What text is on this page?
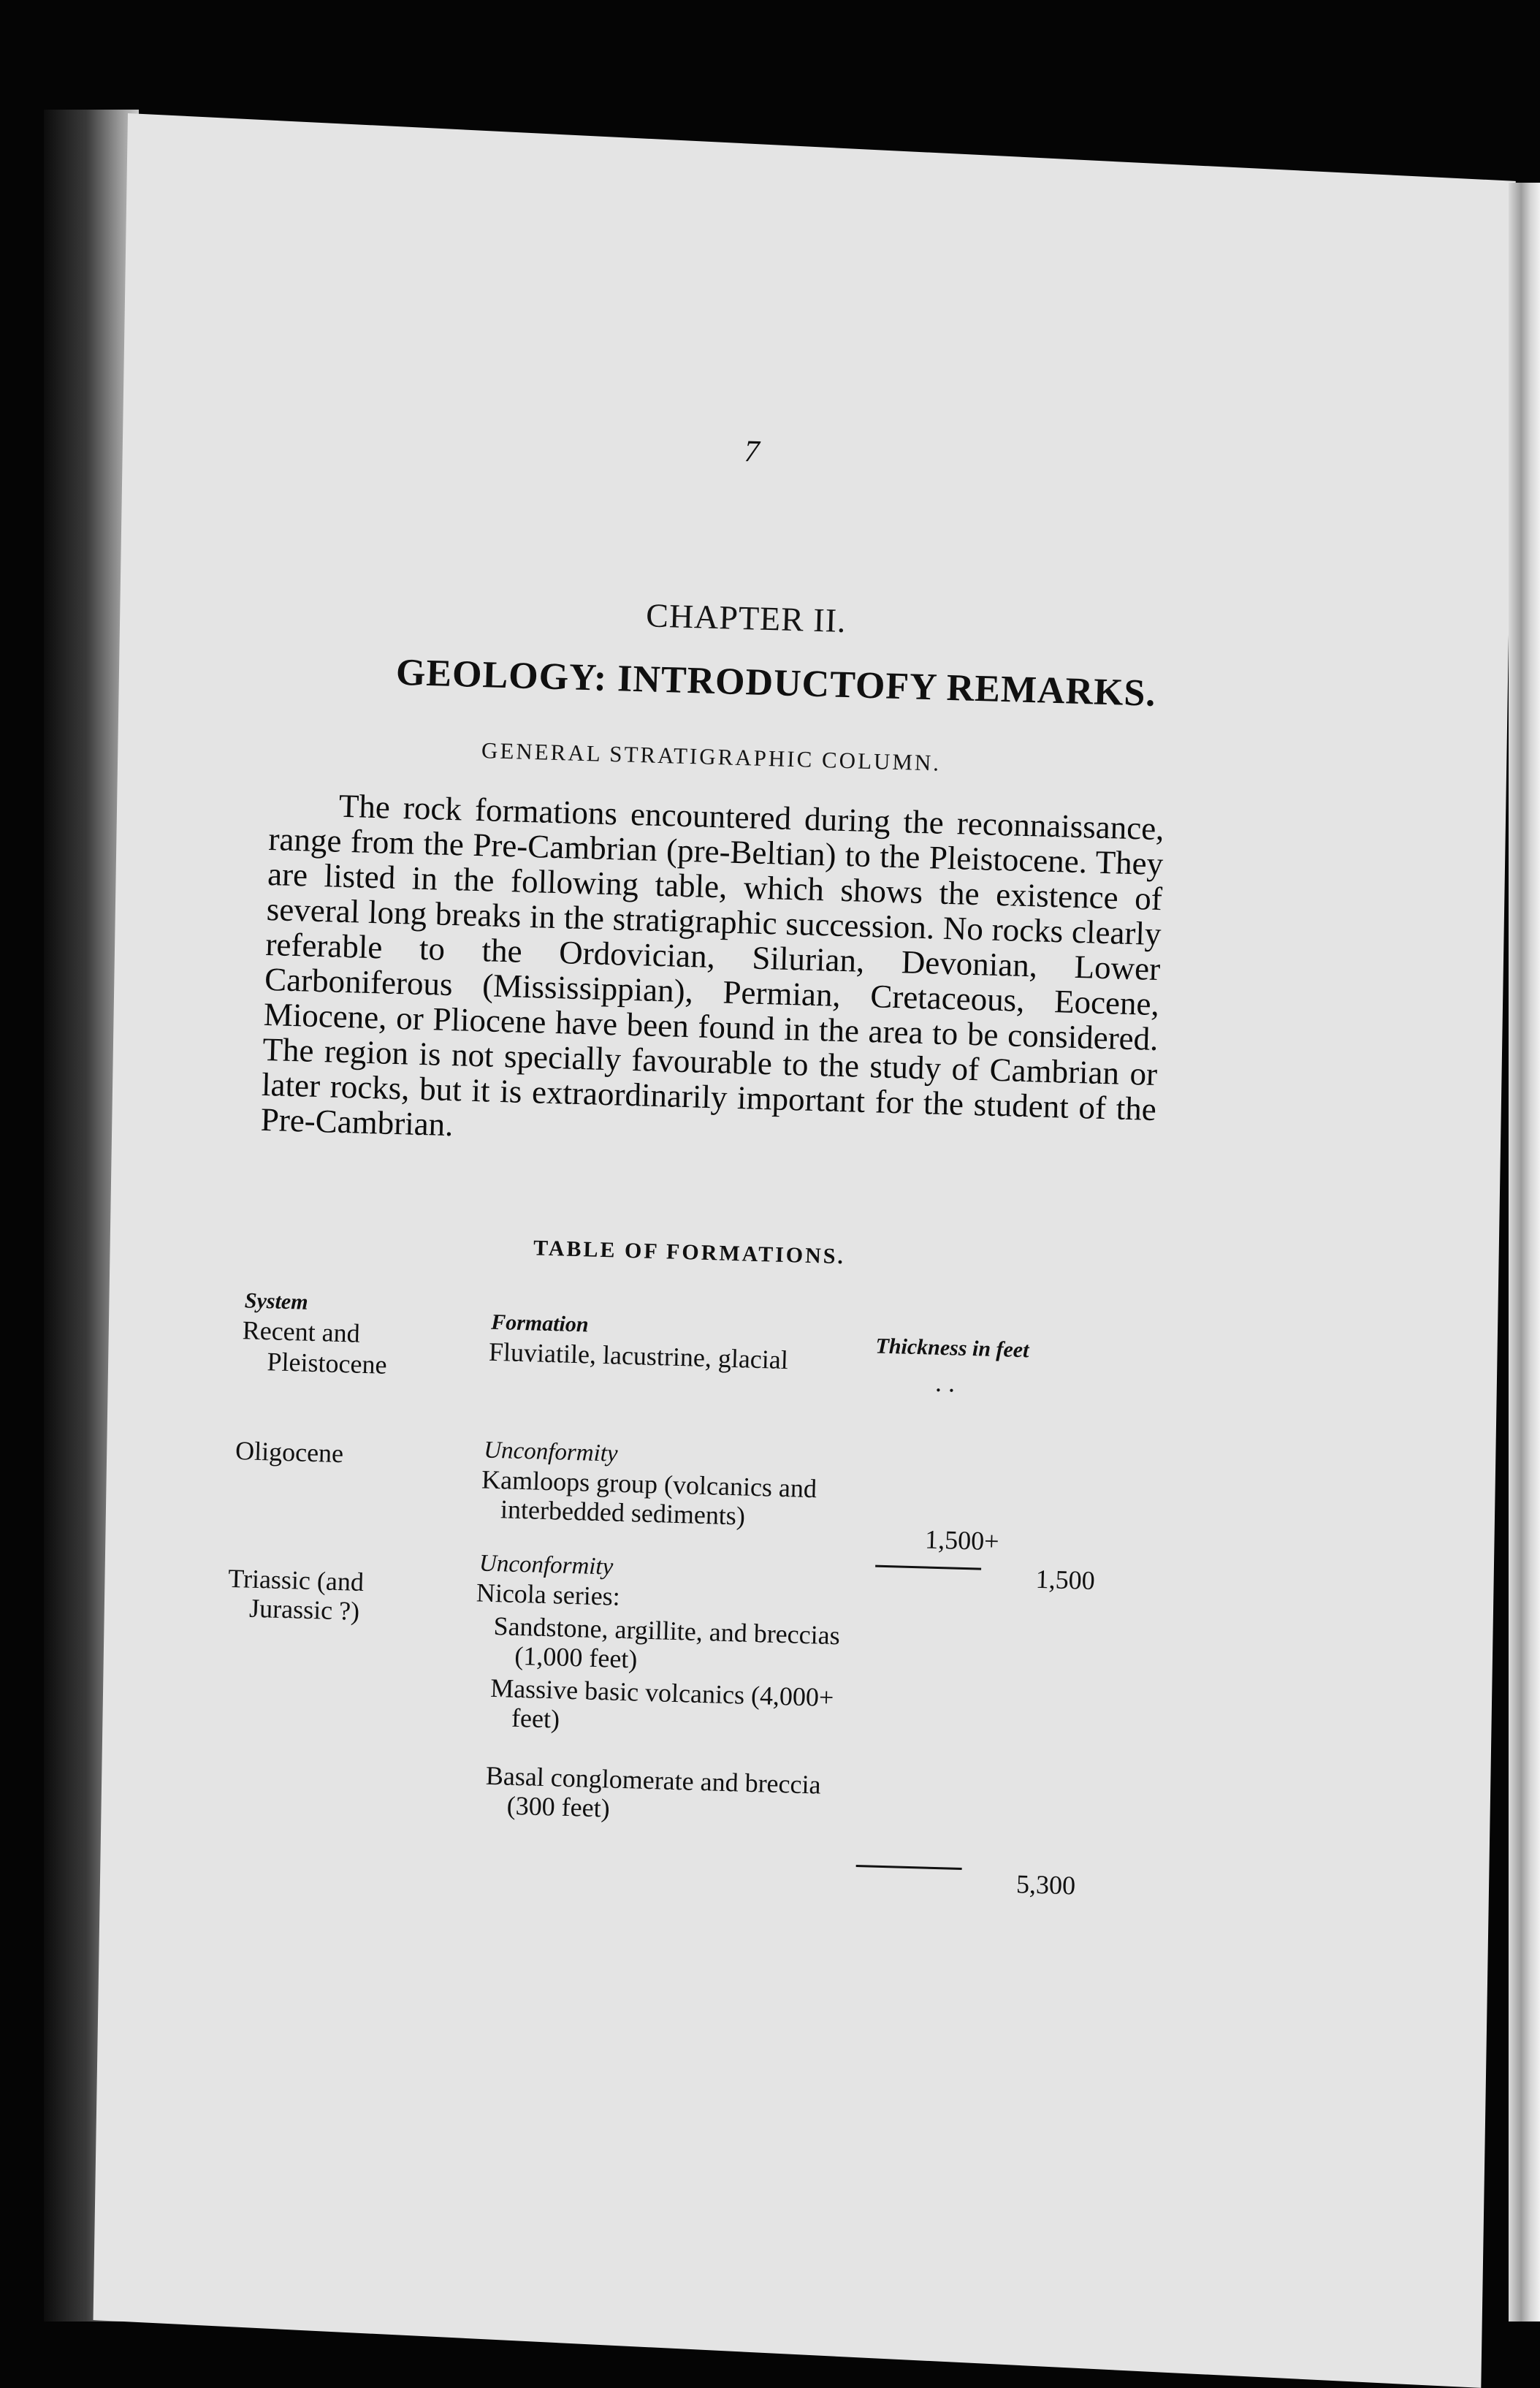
7
CHAPTER II.
GEOLOGY: INTRODUCTOFY REMARKS.
GENERAL STRATIGRAPHIC COLUMN.

The rock formations encountered during the reconnaissance, range from the Pre-Cambrian (pre-Beltian) to the Pleistocene. They are listed in the following table, which shows the existence of several long breaks in the stratigraphic succession. No rocks clearly referable to the Ordovician, Silurian, Devonian, Lower Carboniferous (Mississippian), Permian, Cretaceous, Eocene, Miocene, or Pliocene have been found in the area to be considered. The region is not specially favourable to the study of Cambrian or later rocks, but it is extraordinarily important for the student of the Pre-Cambrian.

TABLE OF FORMATIONS.
System
Formation
Thickness in feet
Recent and
Pleistocene	Fluviatile, lacustrine, glacial
. .
Unconformity
Oligocene
Kamloops group (volcanics and
interbedded sediments)
1,500+
1,500
Unconformity
Triassic (and
Jurassic ?)	Nicola series:
Sandstone, argillite, and breccias
(1,000 feet)
Massive basic volcanics (4,000+
feet)
Basal conglomerate and breccia
(300 feet)
5,300
